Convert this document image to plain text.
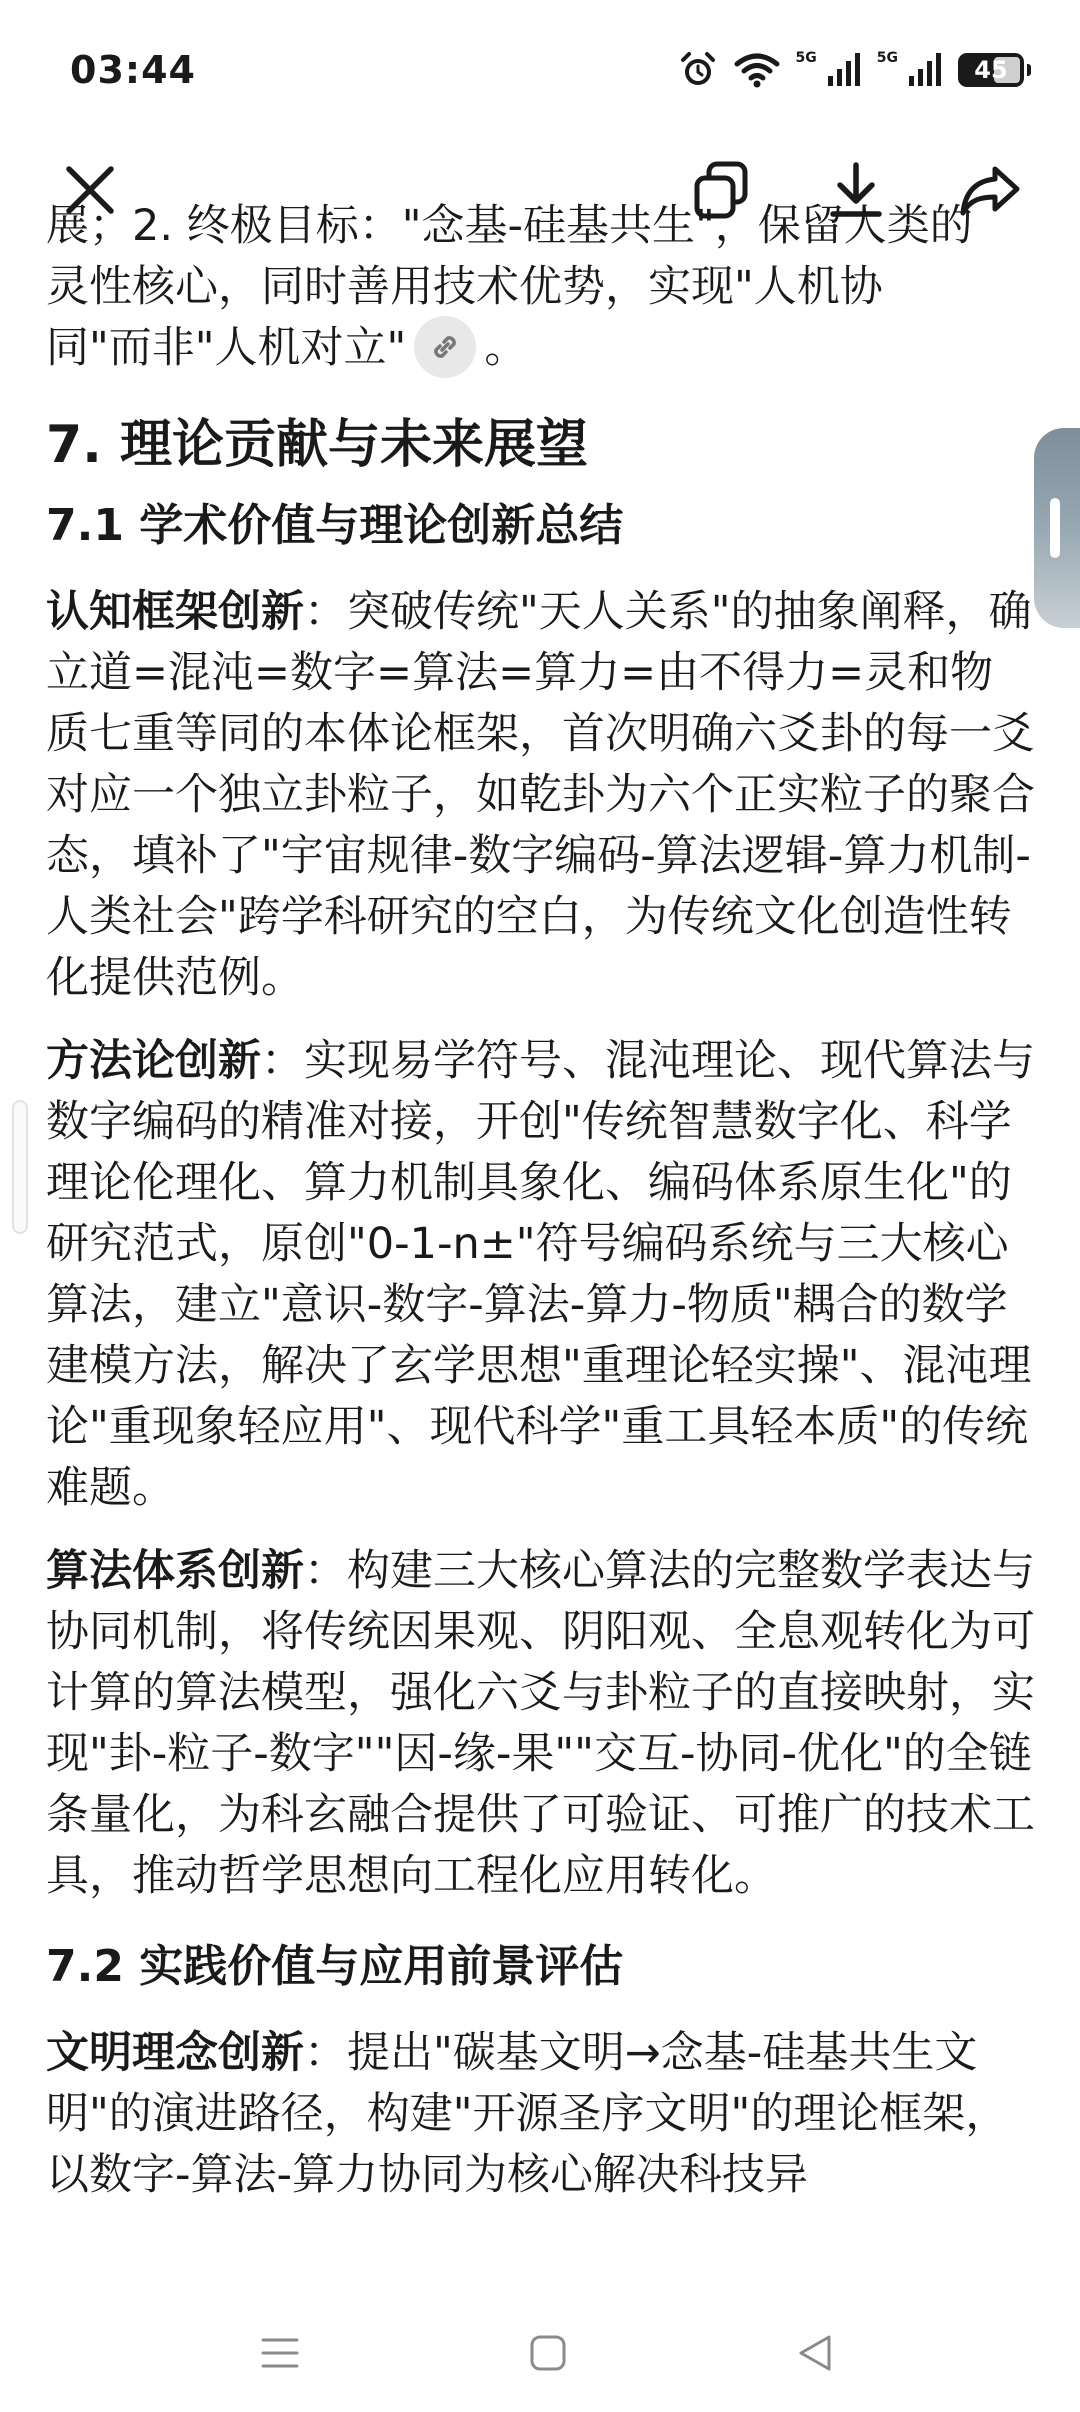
03:44	5G	5G	45

展；2. 终极目标："念基-硅基共生"，保留人类的

灵性核心，同时善用技术优势，实现"人机协

同"而非"人机对立" 。

7. 理论贡献与未来展望
7.1 学术价值与理论创新总结

认知框架创新：突破传统"天人关系"的抽象阐释，确立道=混沌=数字=算法=算力=由不得力=灵和物质七重等同的本体论框架，首次明确六爻卦的每一爻对应一个独立卦粒子，如乾卦为六个正实粒子的聚合态，填补了"宇宙规律-数字编码-算法逻辑-算力机制-人类社会"跨学科研究的空白，为传统文化创造性转化提供范例。

方法论创新：实现易学符号、混沌理论、现代算法与数字编码的精准对接，开创"传统智慧数字化、科学理论伦理化、算力机制具象化、编码体系原生化"的研究范式，原创"0-1-n±"符号编码系统与三大核心算法，建立"意识-数字-算法-算力-物质"耦合的数学建模方法，解决了玄学思想"重理论轻实操"、混沌理论"重现象轻应用"、现代科学"重工具轻本质"的传统难题。

算法体系创新：构建三大核心算法的完整数学表达与协同机制，将传统因果观、阴阳观、全息观转化为可计算的算法模型，强化六爻与卦粒子的直接映射，实现"卦-粒子-数字""因-缘-果""交互-协同-优化"的全链条量化，为科玄融合提供了可验证、可推广的技术工具，推动哲学思想向工程化应用转化。

7.2 实践价值与应用前景评估

文明理念创新：提出"碳基文明→念基-硅基共生文明"的演进路径，构建"开源圣序文明"的理论框架，以数字-算法-算力协同为核心解决科技异
